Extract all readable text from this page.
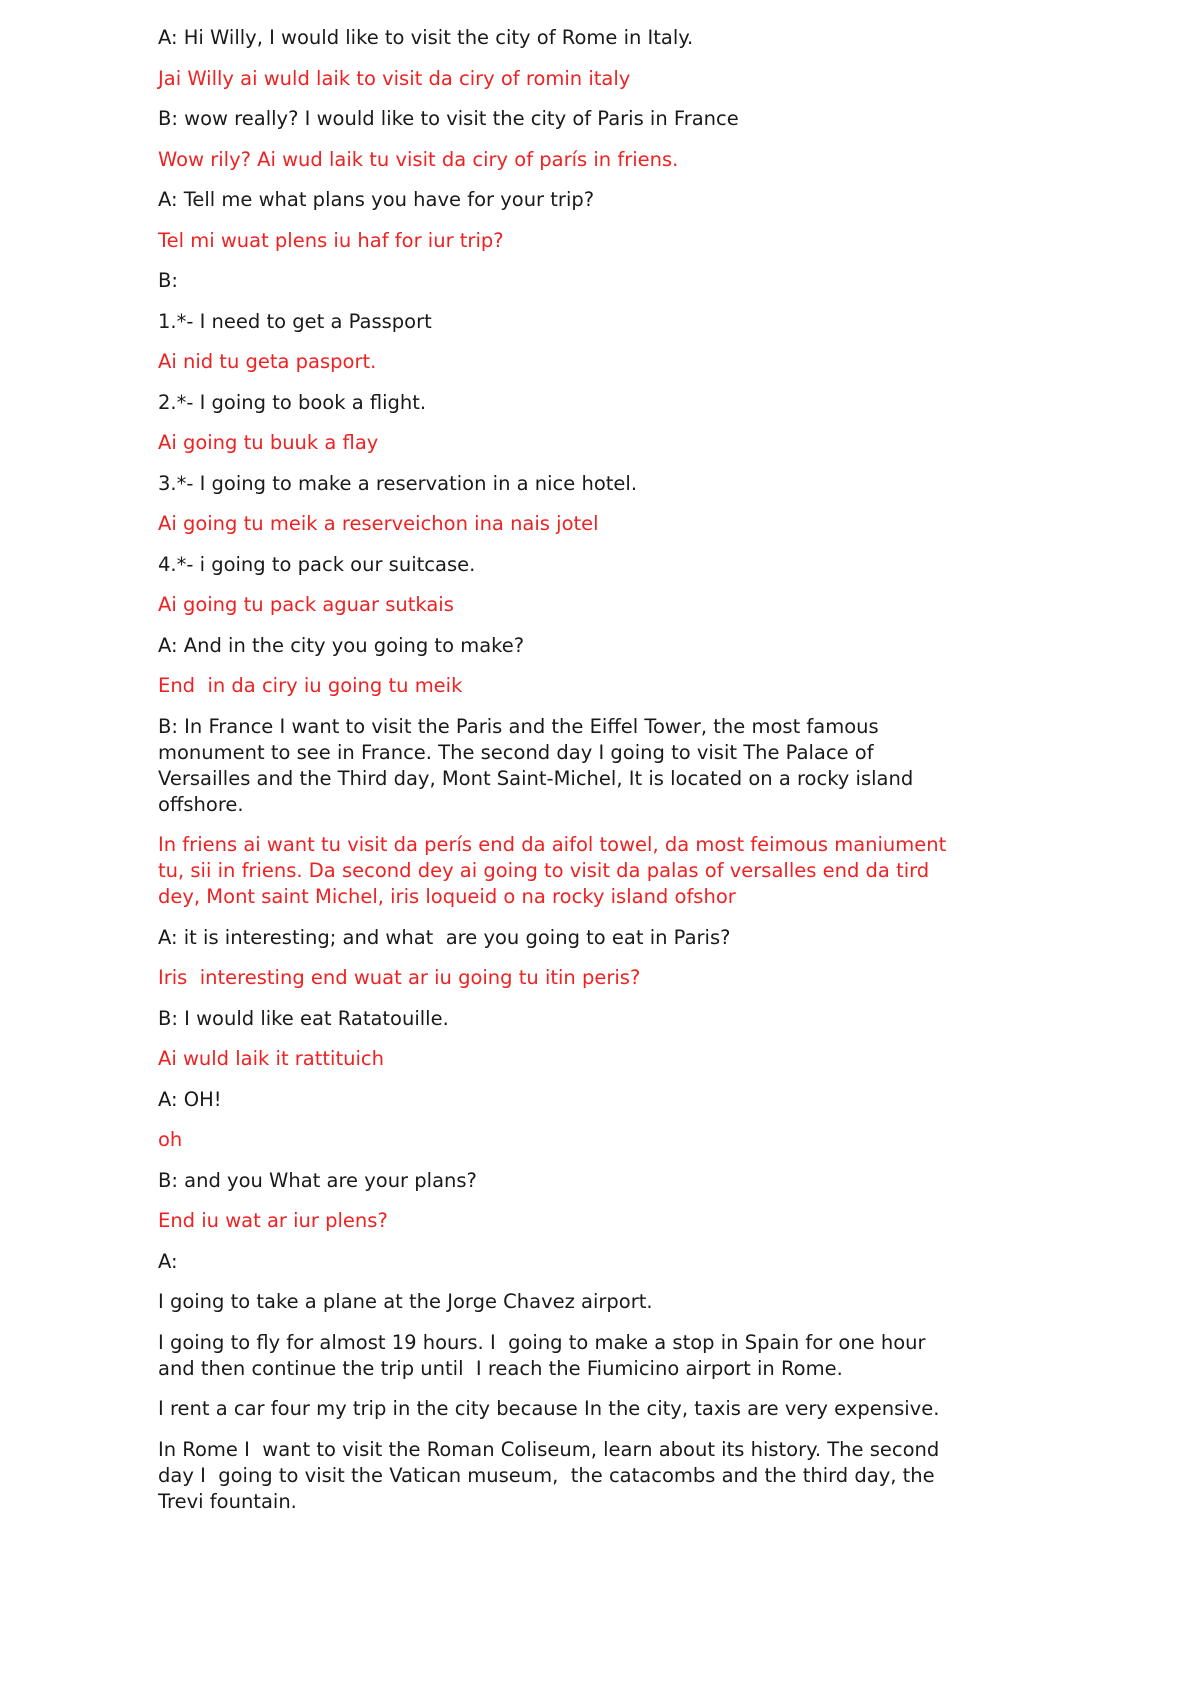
A: Hi Willy, I would like to visit the city of Rome in Italy.

Jai Willy ai wuld laik to visit da ciry of romin italy

B: wow really? I would like to visit the city of Paris in France

Wow rily? Ai wud laik tu visit da ciry of parís in friens.

A: Tell me what plans you have for your trip?

Tel mi wuat plens iu haf for iur trip?

B:

1.*- I need to get a Passport

Ai nid tu geta pasport.

2.*- I going to book a flight.

Ai going tu buuk a flay

3.*- I going to make a reservation in a nice hotel.

Ai going tu meik a reserveichon ina nais jotel

4.*- i going to pack our suitcase.

Ai going tu pack aguar sutkais

A: And in the city you going to make?

End  in da ciry iu going tu meik

B: In France I want to visit the Paris and the Eiffel Tower, the most famous monument to see in France. The second day I going to visit The Palace of Versailles and the Third day, Mont Saint-Michel, It is located on a rocky island offshore.

In friens ai want tu visit da perís end da aifol towel, da most feimous maniument tu, sii in friens. Da second dey ai going to visit da palas of versalles end da tird dey, Mont saint Michel, iris loqueid o na rocky island ofshor

A: it is interesting; and what  are you going to eat in Paris?

Iris  interesting end wuat ar iu going tu itin peris?

B: I would like eat Ratatouille.

Ai wuld laik it rattituich

A: OH!

oh

B: and you What are your plans?

End iu wat ar iur plens?

A:

I going to take a plane at the Jorge Chavez airport.

I going to fly for almost 19 hours. I  going to make a stop in Spain for one hour and then continue the trip until  I reach the Fiumicino airport in Rome.

I rent a car four my trip in the city because In the city, taxis are very expensive.

In Rome I  want to visit the Roman Coliseum, learn about its history. The second day I  going to visit the Vatican museum,  the catacombs and the third day, the Trevi fountain.
